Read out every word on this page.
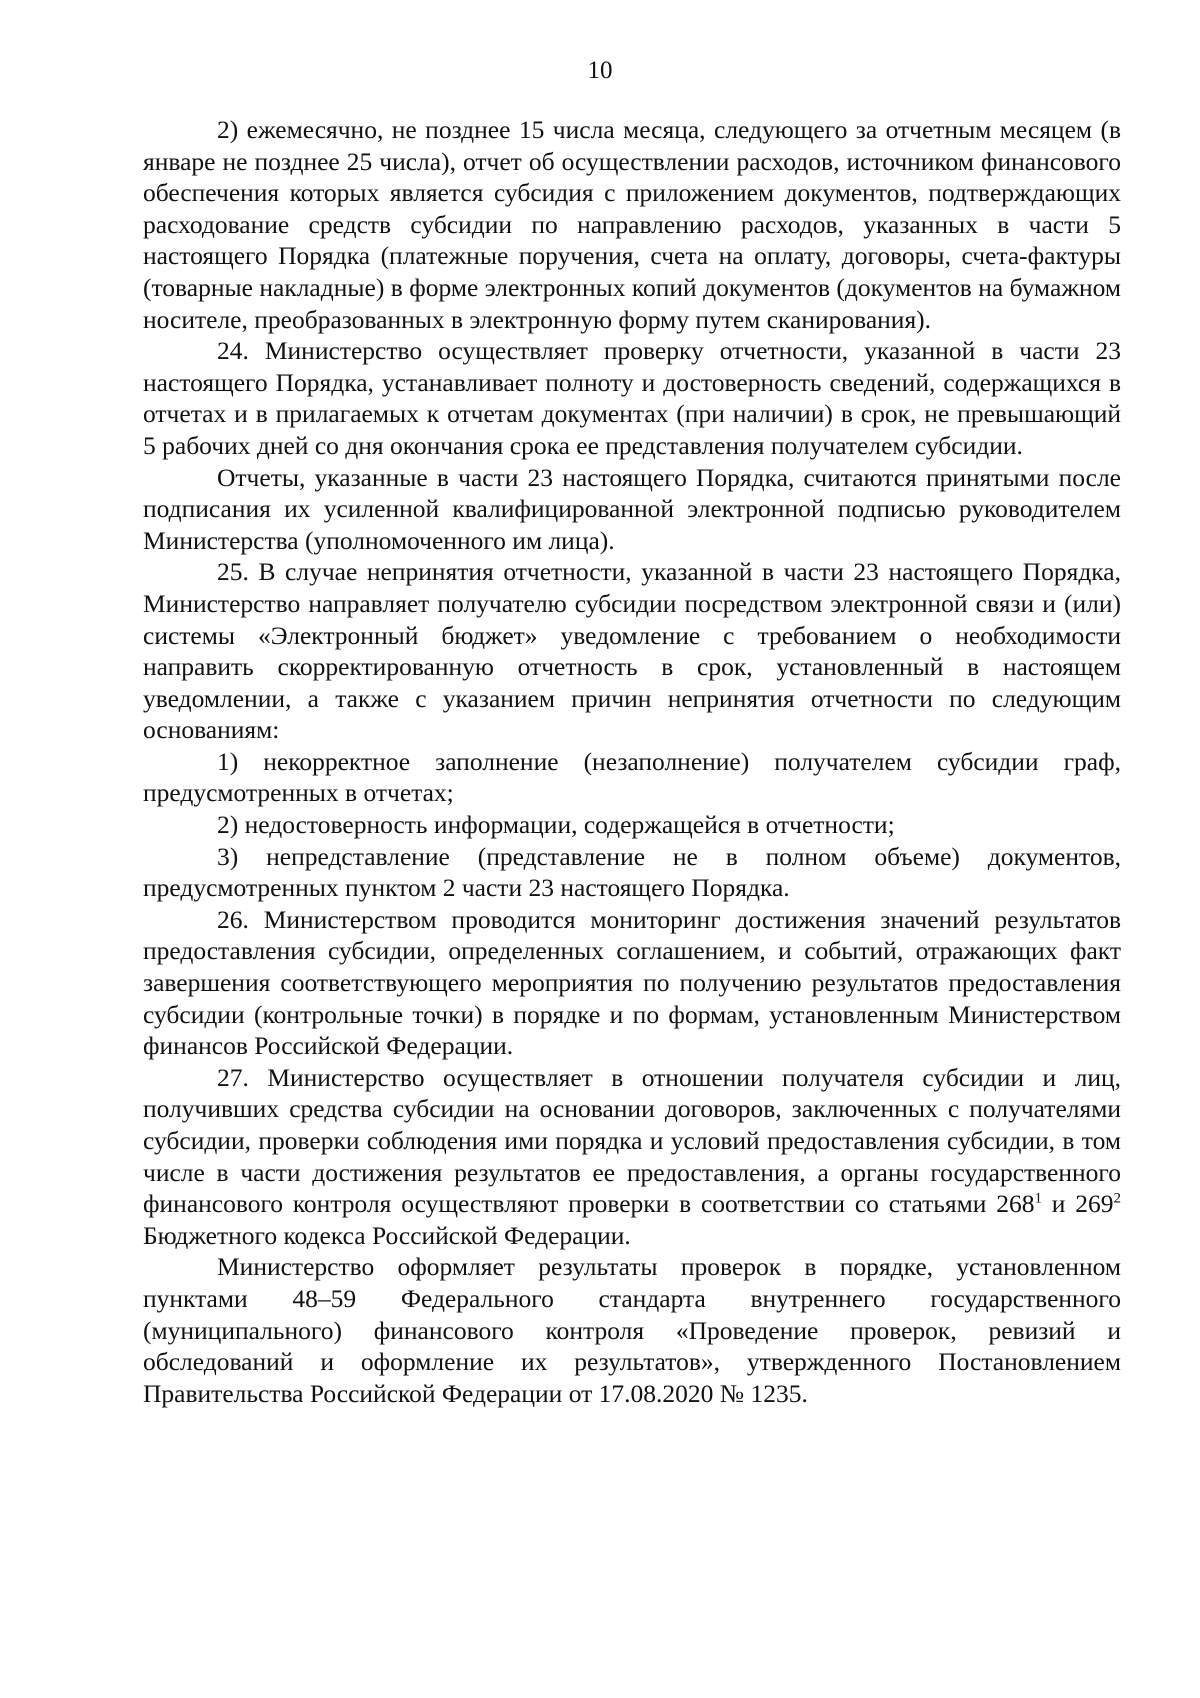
10

2) ежемесячно, не позднее 15 числа месяца, следующего за отчетным месяцем (в январе не позднее 25 числа), отчет об осуществлении расходов, источником финансового обеспечения которых является субсидия с приложением документов, подтверждающих расходование средств субсидии по направлению расходов, указанных в части 5 настоящего Порядка (платежные поручения, счета на оплату, договоры, счета-фактуры (товарные накладные) в форме электронных копий документов (документов на бумажном носителе, преобразованных в электронную форму путем сканирования).

24. Министерство осуществляет проверку отчетности, указанной в части 23 настоящего Порядка, устанавливает полноту и достоверность сведений, содержащихся в отчетах и в прилагаемых к отчетам документах (при наличии) в срок, не превышающий 5 рабочих дней со дня окончания срока ее представления получателем субсидии.

Отчеты, указанные в части 23 настоящего Порядка, считаются принятыми после подписания их усиленной квалифицированной электронной подписью руководителем Министерства (уполномоченного им лица).

25. В случае непринятия отчетности, указанной в части 23 настоящего Порядка, Министерство направляет получателю субсидии посредством электронной связи и (или) системы «Электронный бюджет» уведомление с требованием о необходимости направить скорректированную отчетность в срок, установленный в настоящем уведомлении, а также с указанием причин непринятия отчетности по следующим основаниям:

1) некорректное заполнение (незаполнение) получателем субсидии граф, предусмотренных в отчетах;

2) недостоверность информации, содержащейся в отчетности;

3) непредставление (представление не в полном объеме) документов, предусмотренных пунктом 2 части 23 настоящего Порядка.

26. Министерством проводится мониторинг достижения значений результатов предоставления субсидии, определенных соглашением, и событий, отражающих факт завершения соответствующего мероприятия по получению результатов предоставления субсидии (контрольные точки) в порядке и по формам, установленным Министерством финансов Российской Федерации.

27. Министерство осуществляет в отношении получателя субсидии и лиц, получивших средства субсидии на основании договоров, заключенных с получателями субсидии, проверки соблюдения ими порядка и условий предоставления субсидии, в том числе в части достижения результатов ее предоставления, а органы государственного финансового контроля осуществляют проверки в соответствии со статьями $268^1$ и $269^2$ Бюджетного кодекса Российской Федерации.

Министерство оформляет результаты проверок в порядке, установленном пунктами 48–59 Федерального стандарта внутреннего государственного (муниципального) финансового контроля «Проведение проверок, ревизий и обследований и оформление их результатов», утвержденного Постановлением Правительства Российской Федерации от 17.08.2020 № 1235.
